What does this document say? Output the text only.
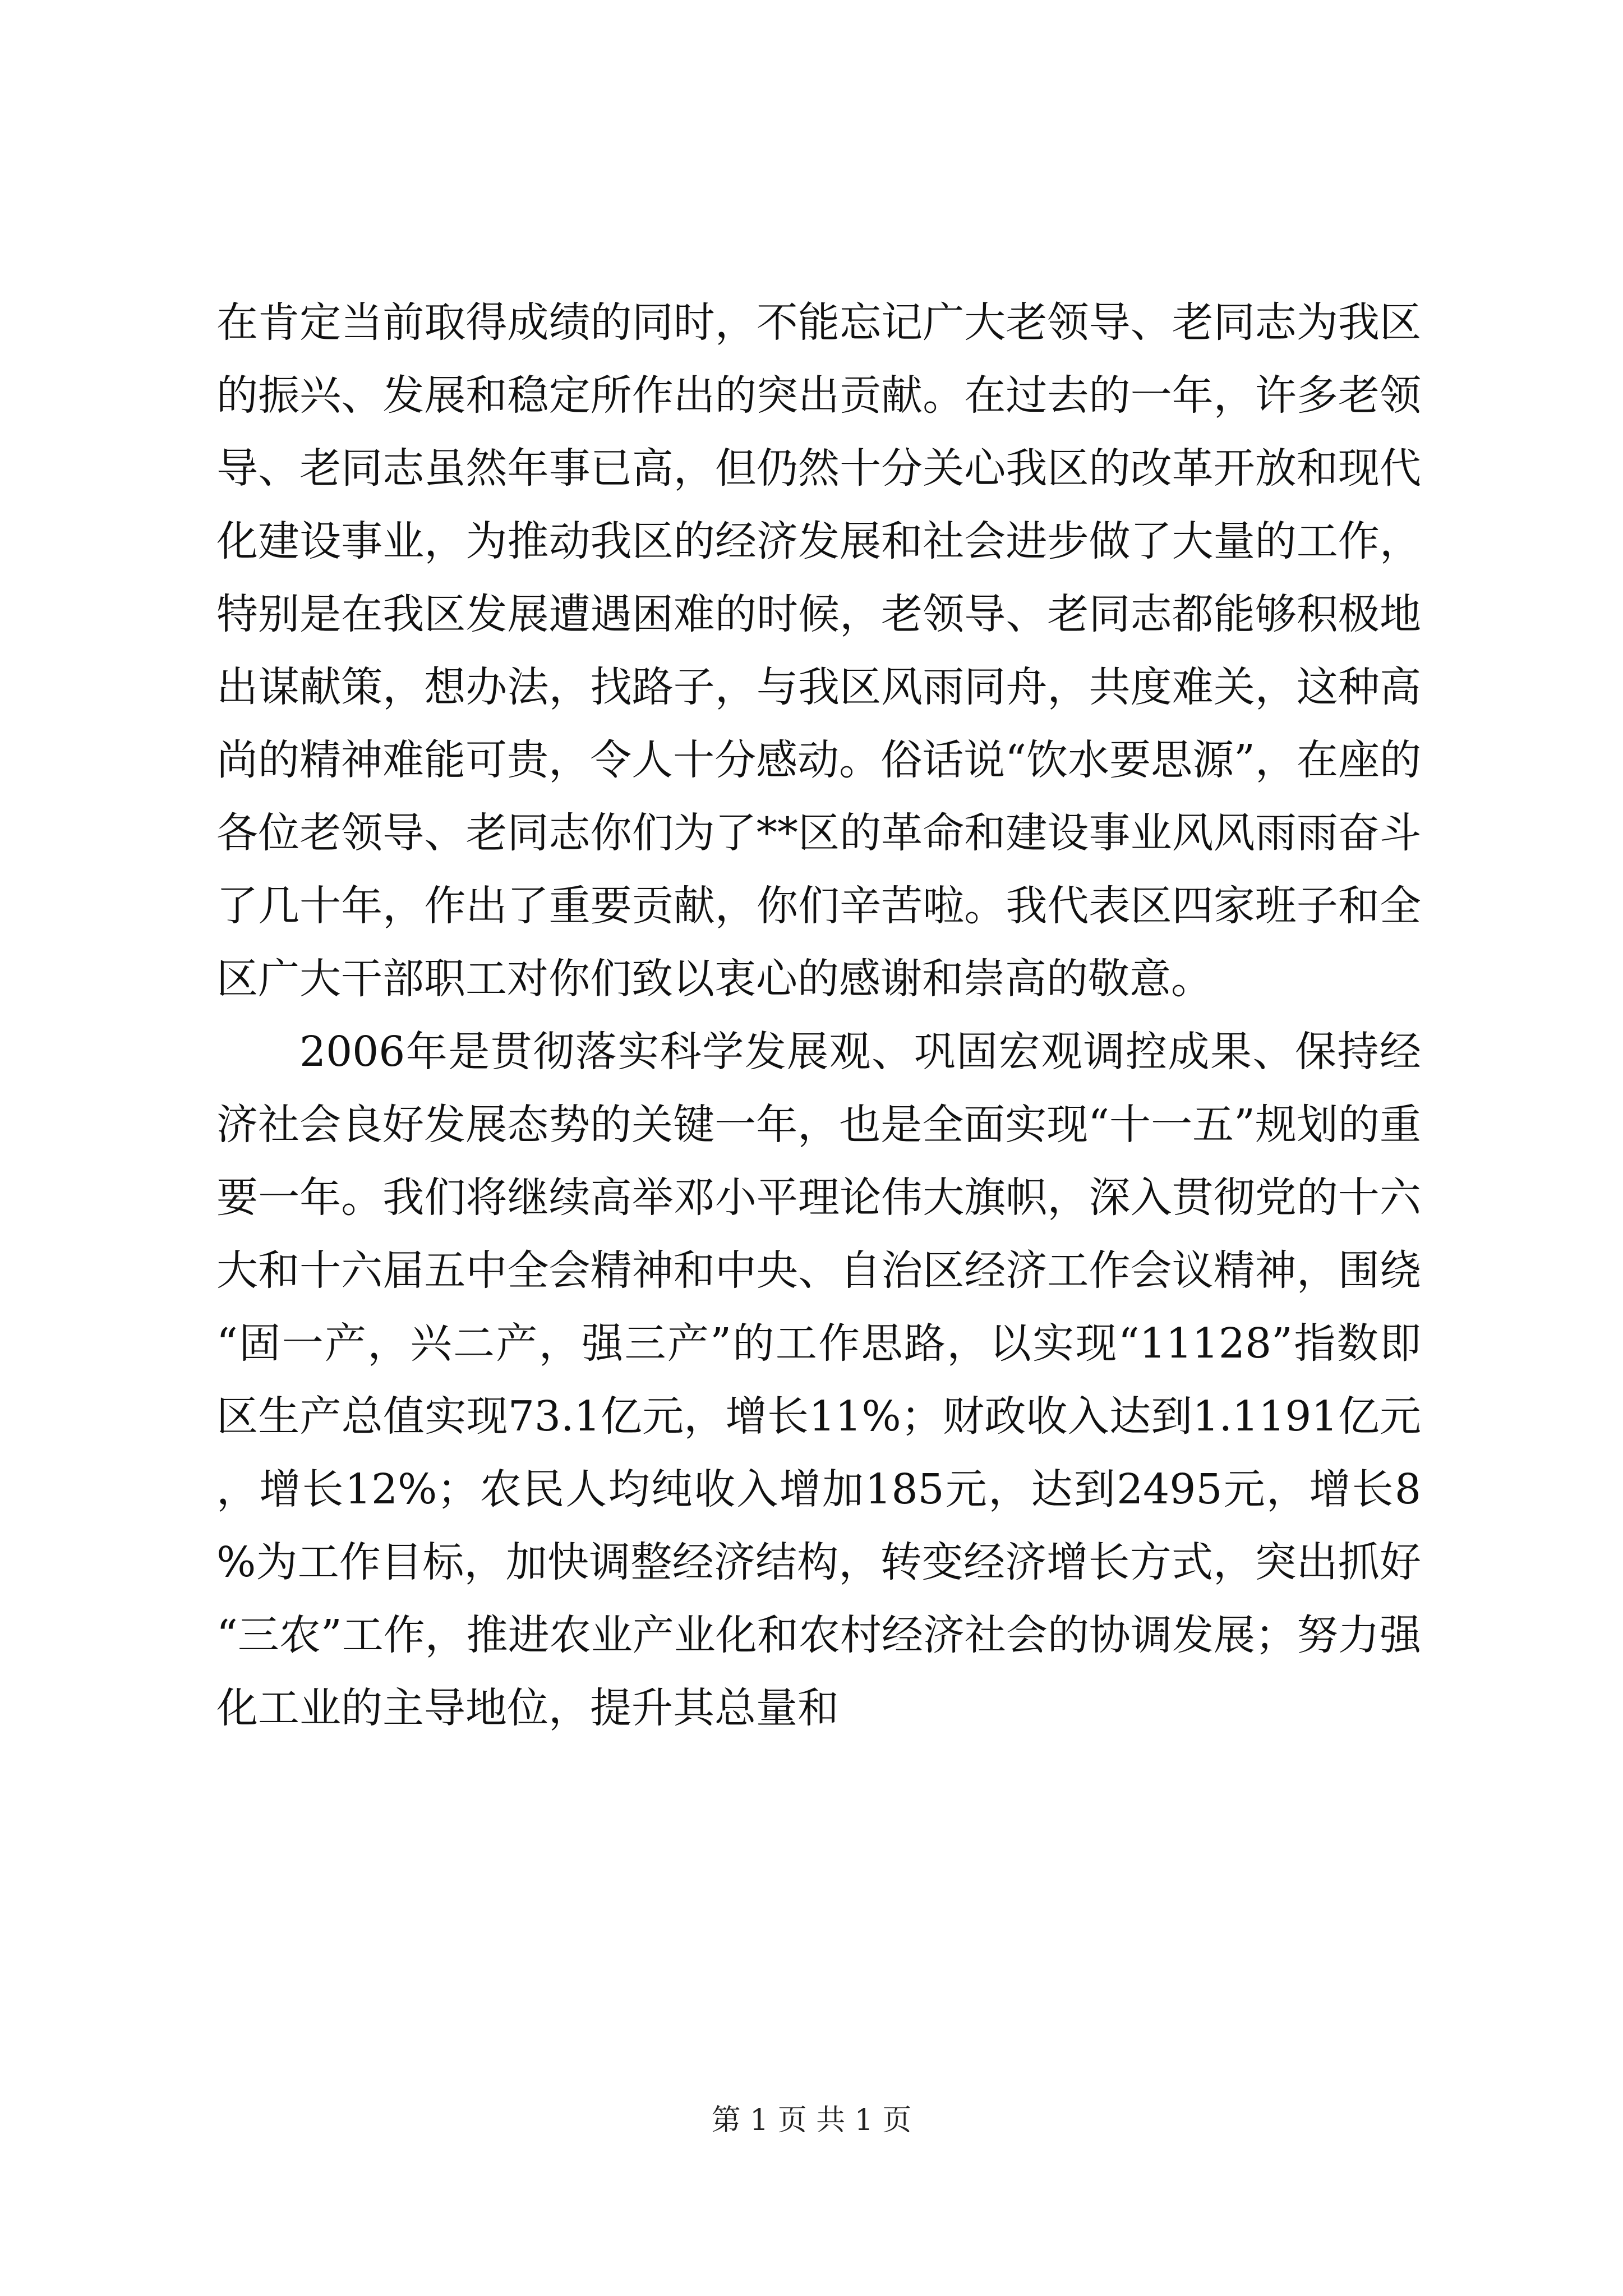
在肯定当前取得成绩的同时，不能忘记广大老领导、老同志为我区的振兴、发展和稳定所作出的突出贡献。在过去的一年，许多老领导、老同志虽然年事已高，但仍然十分关心我区的改革开放和现代化建设事业，为推动我区的经济发展和社会进步做了大量的工作，特别是在我区发展遭遇困难的时候，老领导、老同志都能够积极地出谋献策，想办法，找路子，与我区风雨同舟，共度难关，这种高尚的精神难能可贵，令人十分感动。俗话说“饮水要思源”，在座的各位老领导、老同志你们为了**区的革命和建设事业风风雨雨奋斗了几十年，作出了重要贡献，你们辛苦啦。我代表区四家班子和全区广大干部职工对你们致以衷心的感谢和崇高的敬意。

2006年是贯彻落实科学发展观、巩固宏观调控成果、保持经济社会良好发展态势的关键一年，也是全面实现“十一五”规划的重要一年。我们将继续高举邓小平理论伟大旗帜，深入贯彻党的十六大和十六届五中全会精神和中央、自治区经济工作会议精神，围绕“固一产，兴二产，强三产”的工作思路，以实现“11128”指数即区生产总值实现73.1亿元，增长11%；财政收入达到1.1191亿元，增长12%；农民人均纯收入增加185元，达到2495元，增长8%为工作目标，加快调整经济结构，转变经济增长方式，突出抓好“三农”工作，推进农业产业化和农村经济社会的协调发展；努力强化工业的主导地位，提升其总量和

第 1 页 共 1 页
